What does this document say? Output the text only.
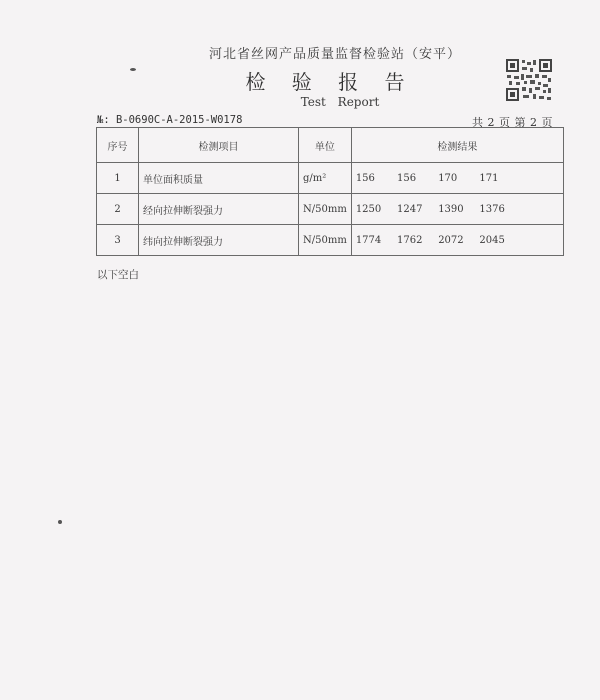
河北省丝网产品质量监督检验站（安平）
检 验 报 告
Test Report
№: B-0690C-A-2015-W0178	共 2 页 第 2 页
序号	检测项目	单位	检测结果
1	单位面积质量	g/m²	156 156 170 171
2	经向拉伸断裂强力	N/50mm	1250 1247 1390 1376
3	纬向拉伸断裂强力	N/50mm	1774 1762 2072 2045
以下空白
